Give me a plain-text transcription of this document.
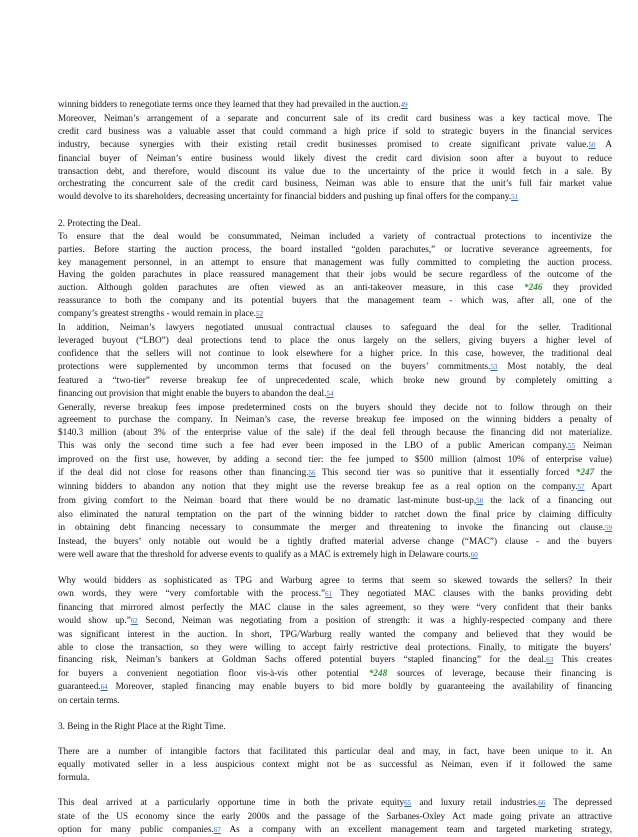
winning bidders to renegotiate terms once they learned that they had prevailed in the auction.49
Moreover, Neiman’s arrangement of a separate and concurrent sale of its credit card business was a key tactical move. The
credit card business was a valuable asset that could command a high price if sold to strategic buyers in the financial services
industry, because synergies with their existing retail credit businesses promised to create significant private value.50 A
financial buyer of Neiman’s entire business would likely divest the credit card division soon after a buyout to reduce
transaction debt, and therefore, would discount its value due to the uncertainty of the price it would fetch in a sale. By
orchestrating the concurrent sale of the credit card business, Neiman was able to ensure that the unit’s full fair market value
would devolve to its shareholders, decreasing uncertainty for financial bidders and pushing up final offers for the company.51
2. Protecting the Deal.
To ensure that the deal would be consummated, Neiman included a variety of contractual protections to incentivize the
parties. Before starting the auction process, the board installed “golden parachutes,” or lucrative severance agreements, for
key management personnel, in an attempt to ensure that management was fully committed to completing the auction process.
Having the golden parachutes in place reassured management that their jobs would be secure regardless of the outcome of the
auction. Although golden parachutes are often viewed as an anti-takeover measure, in this case *246 they provided
reassurance to both the company and its potential buyers that the management team - which was, after all, one of the
company’s greatest strengths - would remain in place.52
In addition, Neiman’s lawyers negotiated unusual contractual clauses to safeguard the deal for the seller. Traditional
leveraged buyout (“LBO”) deal protections tend to place the onus largely on the sellers, giving buyers a higher level of
confidence that the sellers will not continue to look elsewhere for a higher price. In this case, however, the traditional deal
protections were supplemented by uncommon terms that focused on the buyers’ commitments.53 Most notably, the deal
featured a “two-tier” reverse breakup fee of unprecedented scale, which broke new ground by completely omitting a
financing out provision that might enable the buyers to abandon the deal.54
Generally, reverse breakup fees impose predetermined costs on the buyers should they decide not to follow through on their
agreement to purchase the company. In Neiman’s case, the reverse breakup fee imposed on the winning bidders a penalty of
$140.3 million (about 3% of the enterprise value of the sale) if the deal fell through because the financing did not materialize.
This was only the second time such a fee had ever been imposed in the LBO of a public American company.55 Neiman
improved on the first use, however, by adding a second tier: the fee jumped to $500 million (almost 10% of enterprise value)
if the deal did not close for reasons other than financing.56 This second tier was so punitive that it essentially forced *247 the
winning bidders to abandon any notion that they might use the reverse breakup fee as a real option on the company.57 Apart
from giving comfort to the Neiman board that there would be no dramatic last-minute bust-up,58 the lack of a financing out
also eliminated the natural temptation on the part of the winning bidder to ratchet down the final price by claiming difficulty
in obtaining debt financing necessary to consummate the merger and threatening to invoke the financing out clause.59
Instead, the buyers’ only notable out would be a tightly drafted material adverse change (“MAC”) clause - and the buyers
were well aware that the threshold for adverse events to qualify as a MAC is extremely high in Delaware courts.60
Why would bidders as sophisticated as TPG and Warburg agree to terms that seem so skewed towards the sellers? In their
own words, they were “very comfortable with the process.”61 They negotiated MAC clauses with the banks providing debt
financing that mirrored almost perfectly the MAC clause in the sales agreement, so they were “very confident that their banks
would show up.”62 Second, Neiman was negotiating from a position of strength: it was a highly-respected company and there
was significant interest in the auction. In short, TPG/Warburg really wanted the company and believed that they would be
able to close the transaction, so they were willing to accept fairly restrictive deal protections. Finally, to mitigate the buyers’
financing risk, Neiman’s bankers at Goldman Sachs offered potential buyers “stapled financing” for the deal.63 This creates
for buyers a convenient negotiation floor vis-à-vis other potential *248 sources of leverage, because their financing is
guaranteed.64 Moreover, stapled financing may enable buyers to bid more boldly by guaranteeing the availability of financing
on certain terms.
3. Being in the Right Place at the Right Time.
There are a number of intangible factors that facilitated this particular deal and may, in fact, have been unique to it. An
equally motivated seller in a less auspicious context might not be as successful as Neiman, even if it followed the same
formula.
This deal arrived at a particularly opportune time in both the private equity65 and luxury retail industries.66 The depressed
state of the US economy since the early 2000s and the passage of the Sarbanes-Oxley Act made going private an attractive
option for many public companies.67 As a company with an excellent management team and targeted marketing strategy,
